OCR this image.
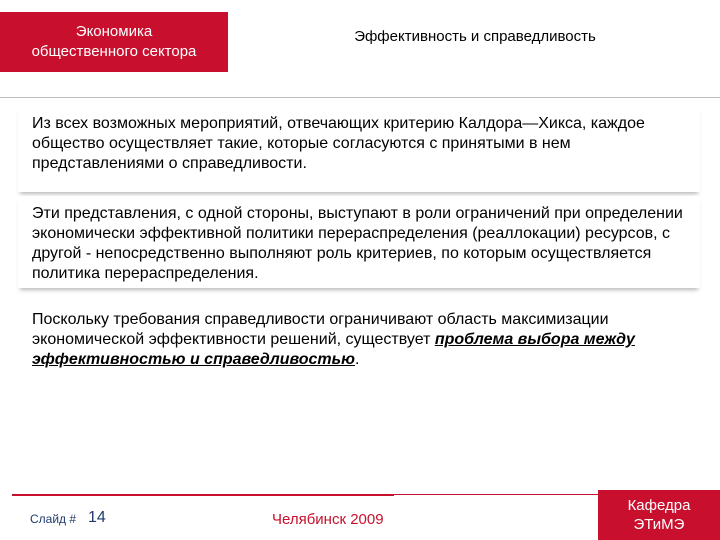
Экономика
общественного сектора
Эффективность и справедливость
Из всех возможных мероприятий, отвечающих критерию Калдора—Хикса, каждое общество осуществляет такие, которые согласуются с принятыми в нем представлениями о справедливости.
Эти представления, с одной стороны, выступают в роли ограничений при определении экономически эффективной политики перераспределения (реаллокации) ресурсов, с другой - непосредственно выполняют роль критериев, по которым осуществляется политика перераспределения.
Поскольку требования справедливости ограничивают область максимизации экономической эффективности решений, существует проблема выбора между эффективностью и справедливостью.
Слайд # 14	Челябинск 2009
Кафедра
ЭТиМЭ
